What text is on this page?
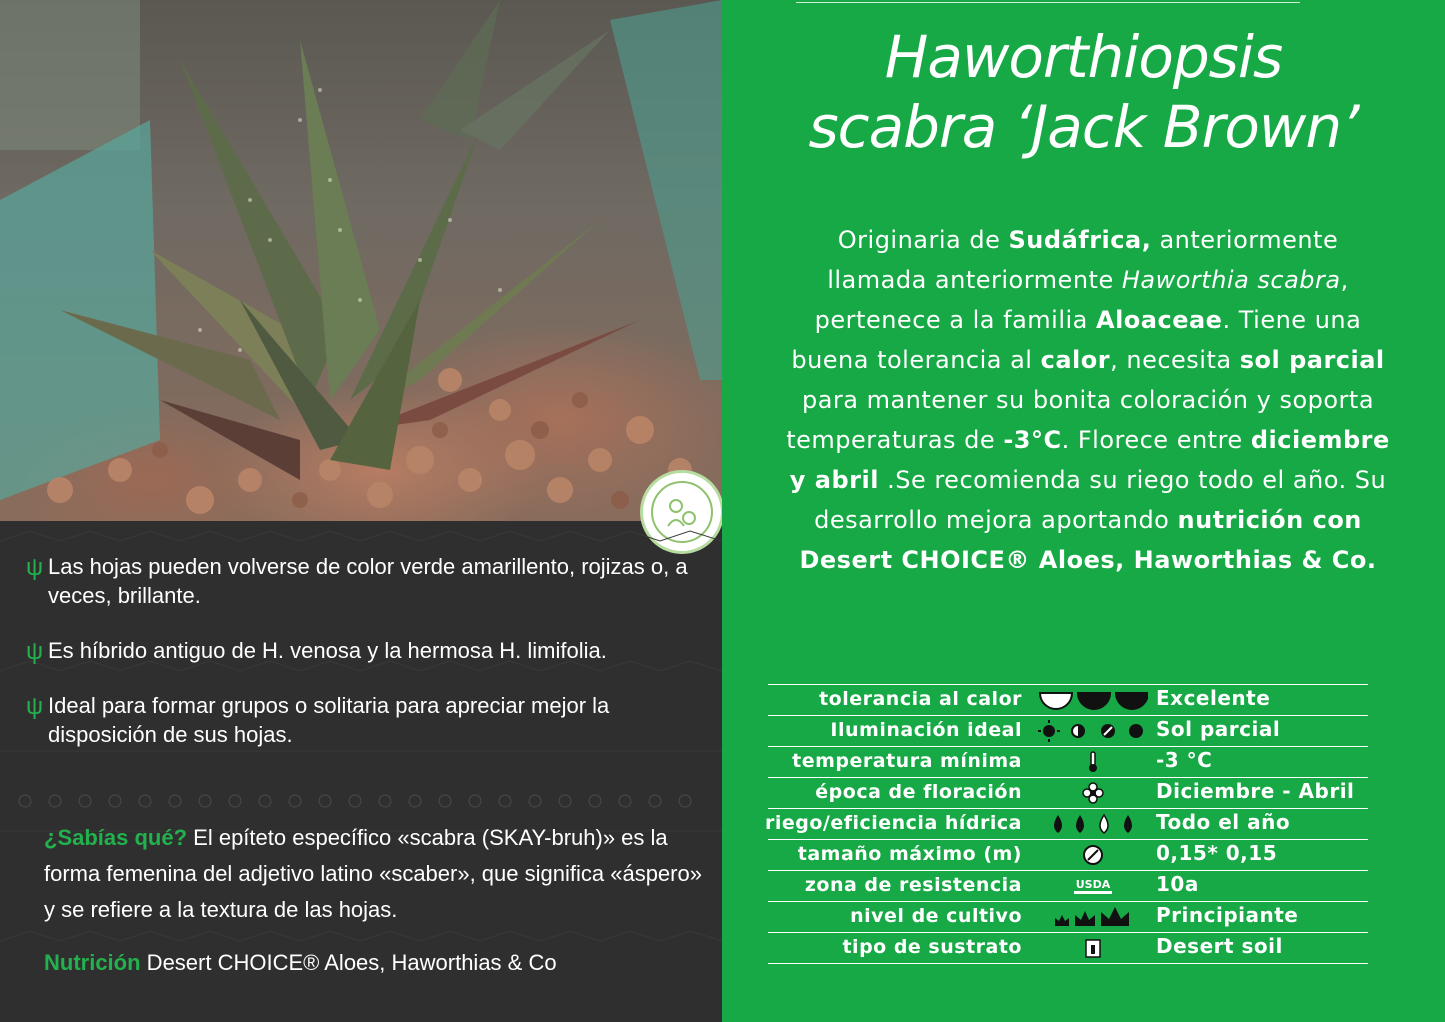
ψ Las hojas pueden volverse de color verde amarillento, rojizas o, a veces, brillante.
ψ Es híbrido antiguo de H. venosa y la hermosa H. limifolia.
ψ Ideal para formar grupos o solitaria para apreciar mejor la disposición de sus hojas.
¿Sabías qué? El epíteto específico «scabra (SKAY-bruh)» es la forma femenina del adjetivo latino «scaber», que significa «áspero» y se refiere a la textura de las hojas.
Nutrición Desert CHOICE® Aloes, Haworthias & Co
Haworthiopsis
scabra ‘Jack Brown’
Originaria de Sudáfrica, anteriormente llamada anteriormente Haworthia scabra, pertenece a la familia Aloaceae. Tiene una buena tolerancia al calor, necesita sol parcial para mantener su bonita coloración y soporta temperaturas de -3°C. Florece entre diciembre y abril .Se recomienda su riego todo el año. Su desarrollo mejora aportando nutrición con Desert CHOICE® Aloes, Haworthias & Co.
tolerancia al calor	Excelente
Iluminación ideal	Sol parcial
temperatura mínima	-3 °C
época de floración	Diciembre - Abril
riego/eficiencia hídrica	Todo el año
tamaño máximo (m)	0,15* 0,15
zona de resistencia	USDA 10a
nivel de cultivo	Principiante
tipo de sustrato	Desert soil
